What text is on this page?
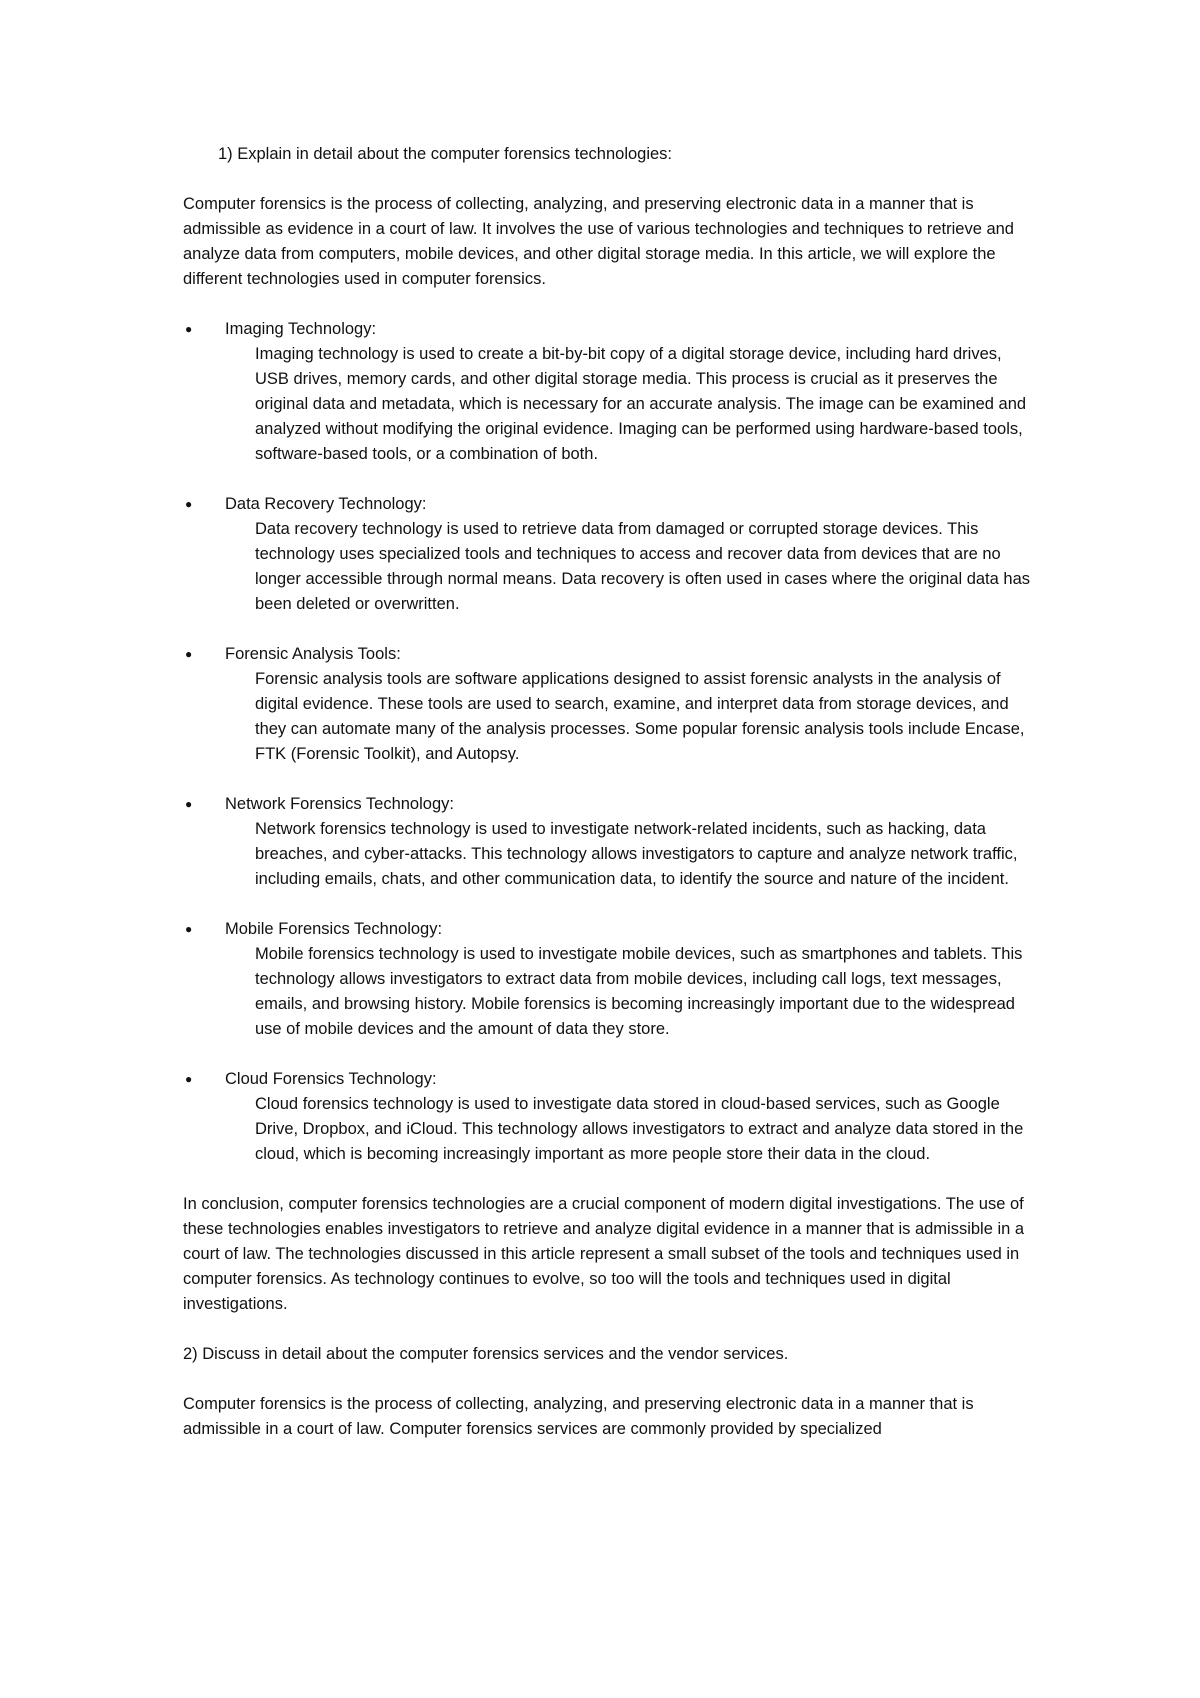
1) Explain in detail about the computer forensics technologies:

Computer forensics is the process of collecting, analyzing, and preserving electronic data in a manner that is admissible as evidence in a court of law. It involves the use of various technologies and techniques to retrieve and analyze data from computers, mobile devices, and other digital storage media. In this article, we will explore the different technologies used in computer forensics.

● Imaging Technology:
Imaging technology is used to create a bit-by-bit copy of a digital storage device, including hard drives, USB drives, memory cards, and other digital storage media. This process is crucial as it preserves the original data and metadata, which is necessary for an accurate analysis. The image can be examined and analyzed without modifying the original evidence. Imaging can be performed using hardware-based tools, software-based tools, or a combination of both.
● Data Recovery Technology:
Data recovery technology is used to retrieve data from damaged or corrupted storage devices. This technology uses specialized tools and techniques to access and recover data from devices that are no longer accessible through normal means. Data recovery is often used in cases where the original data has been deleted or overwritten.
● Forensic Analysis Tools:
Forensic analysis tools are software applications designed to assist forensic analysts in the analysis of digital evidence. These tools are used to search, examine, and interpret data from storage devices, and they can automate many of the analysis processes. Some popular forensic analysis tools include Encase, FTK (Forensic Toolkit), and Autopsy.
● Network Forensics Technology:
Network forensics technology is used to investigate network-related incidents, such as hacking, data breaches, and cyber-attacks. This technology allows investigators to capture and analyze network traffic, including emails, chats, and other communication data, to identify the source and nature of the incident.
● Mobile Forensics Technology:
Mobile forensics technology is used to investigate mobile devices, such as smartphones and tablets. This technology allows investigators to extract data from mobile devices, including call logs, text messages, emails, and browsing history. Mobile forensics is becoming increasingly important due to the widespread use of mobile devices and the amount of data they store.
● Cloud Forensics Technology:
Cloud forensics technology is used to investigate data stored in cloud-based services, such as Google Drive, Dropbox, and iCloud. This technology allows investigators to extract and analyze data stored in the cloud, which is becoming increasingly important as more people store their data in the cloud.

In conclusion, computer forensics technologies are a crucial component of modern digital investigations. The use of these technologies enables investigators to retrieve and analyze digital evidence in a manner that is admissible in a court of law. The technologies discussed in this article represent a small subset of the tools and techniques used in computer forensics. As technology continues to evolve, so too will the tools and techniques used in digital investigations.

2) Discuss in detail about the computer forensics services and the vendor services.

Computer forensics is the process of collecting, analyzing, and preserving electronic data in a manner that is admissible in a court of law. Computer forensics services are commonly provided by specialized
